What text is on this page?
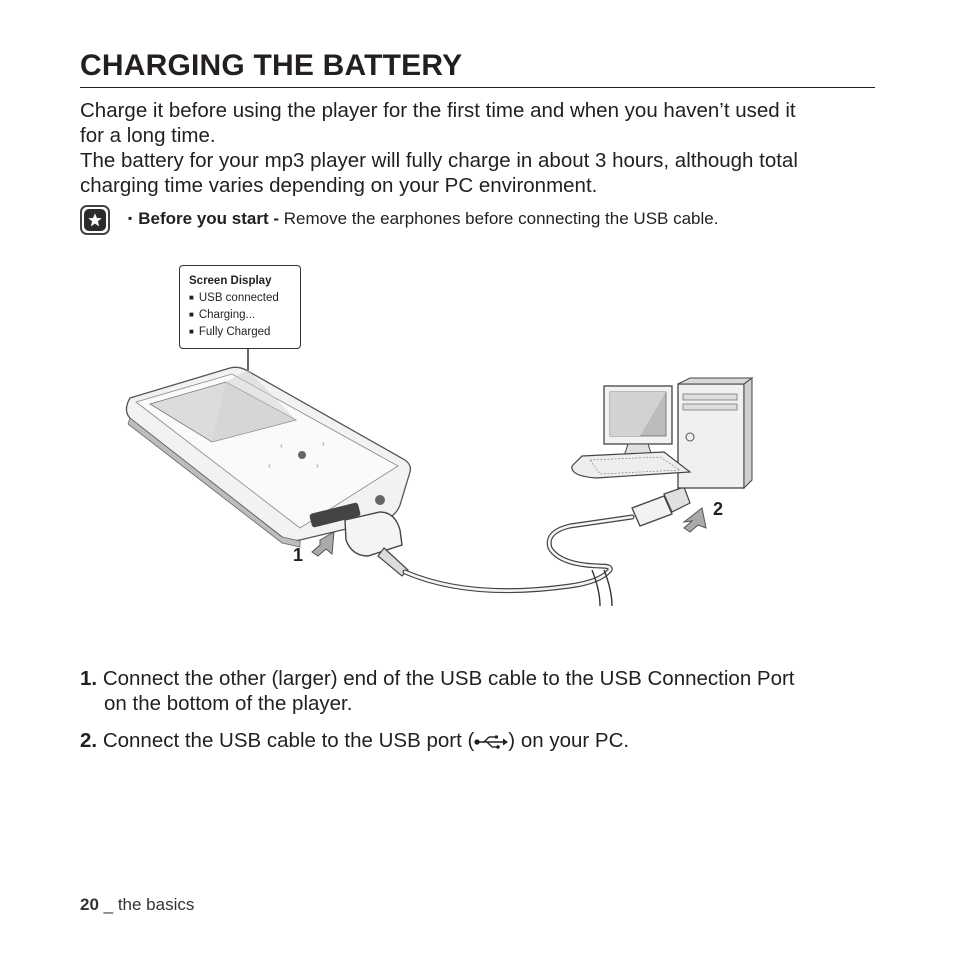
CHARGING THE BATTERY
Charge it before using the player for the first time and when you haven’t used it
for a long time.
The battery for your mp3 player will fully charge in about 3 hours, although total
charging time varies depending on your PC environment.
▪ Before you start - Remove the earphones before connecting the USB cable.
Screen Display
■ USB connected
■ Charging...
■ Fully Charged
‹	›
‹	›
1
2
1. Connect the other (larger) end of the USB cable to the USB Connection Port
on the bottom of the player.
2. Connect the USB cable to the USB port ( ) on your PC.
20 _ the basics
